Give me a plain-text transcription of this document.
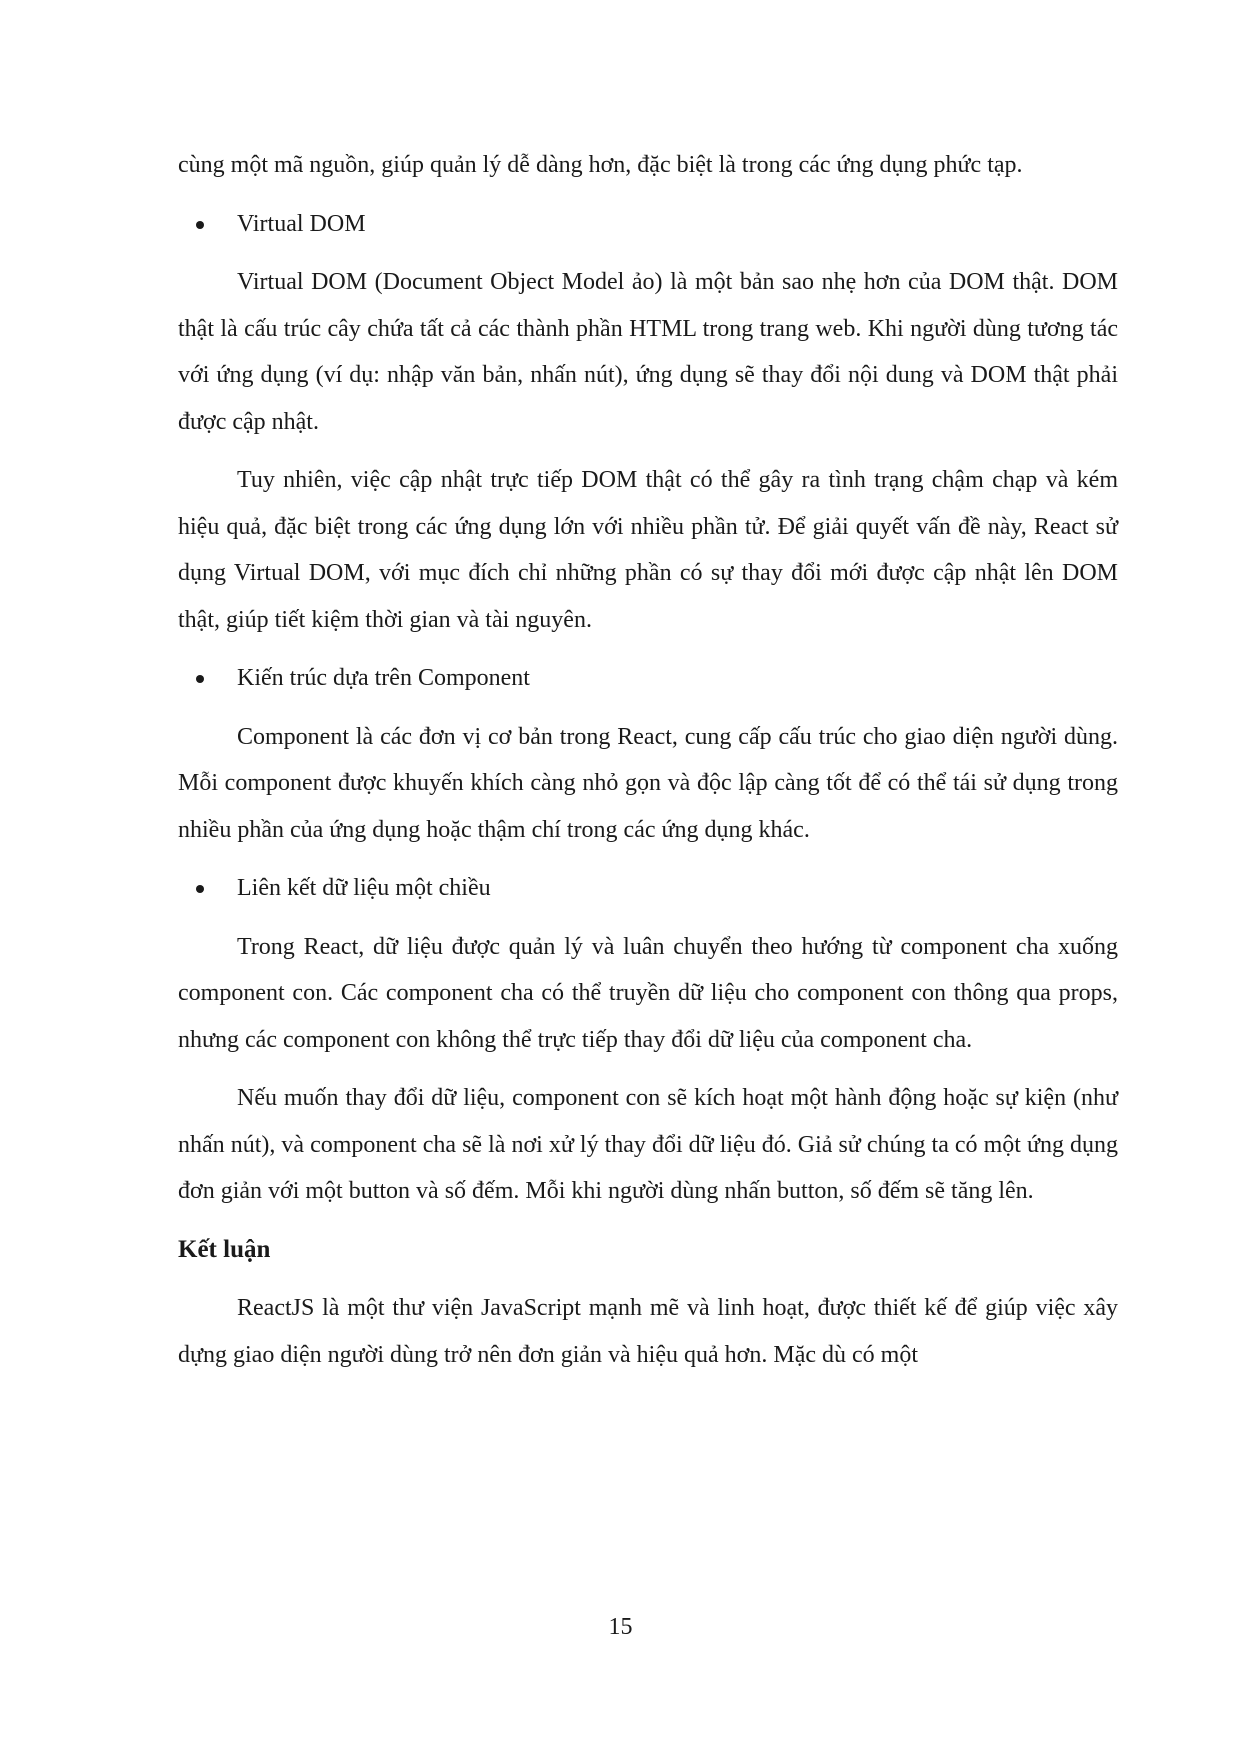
cùng một mã nguồn, giúp quản lý dễ dàng hơn, đặc biệt là trong các ứng dụng phức tạp.

Virtual DOM

Virtual DOM (Document Object Model ảo) là một bản sao nhẹ hơn của DOM thật. DOM thật là cấu trúc cây chứa tất cả các thành phần HTML trong trang web. Khi người dùng tương tác với ứng dụng (ví dụ: nhập văn bản, nhấn nút), ứng dụng sẽ thay đổi nội dung và DOM thật phải được cập nhật.

Tuy nhiên, việc cập nhật trực tiếp DOM thật có thể gây ra tình trạng chậm chạp và kém hiệu quả, đặc biệt trong các ứng dụng lớn với nhiều phần tử. Để giải quyết vấn đề này, React sử dụng Virtual DOM, với mục đích chỉ những phần có sự thay đổi mới được cập nhật lên DOM thật, giúp tiết kiệm thời gian và tài nguyên.

Kiến trúc dựa trên Component

Component là các đơn vị cơ bản trong React, cung cấp cấu trúc cho giao diện người dùng. Mỗi component được khuyến khích càng nhỏ gọn và độc lập càng tốt để có thể tái sử dụng trong nhiều phần của ứng dụng hoặc thậm chí trong các ứng dụng khác.

Liên kết dữ liệu một chiều

Trong React, dữ liệu được quản lý và luân chuyển theo hướng từ component cha xuống component con. Các component cha có thể truyền dữ liệu cho component con thông qua props, nhưng các component con không thể trực tiếp thay đổi dữ liệu của component cha.

Nếu muốn thay đổi dữ liệu, component con sẽ kích hoạt một hành động hoặc sự kiện (như nhấn nút), và component cha sẽ là nơi xử lý thay đổi dữ liệu đó. Giả sử chúng ta có một ứng dụng đơn giản với một button và số đếm. Mỗi khi người dùng nhấn button, số đếm sẽ tăng lên.

Kết luận

ReactJS là một thư viện JavaScript mạnh mẽ và linh hoạt, được thiết kế để giúp việc xây dựng giao diện người dùng trở nên đơn giản và hiệu quả hơn. Mặc dù có một

15
